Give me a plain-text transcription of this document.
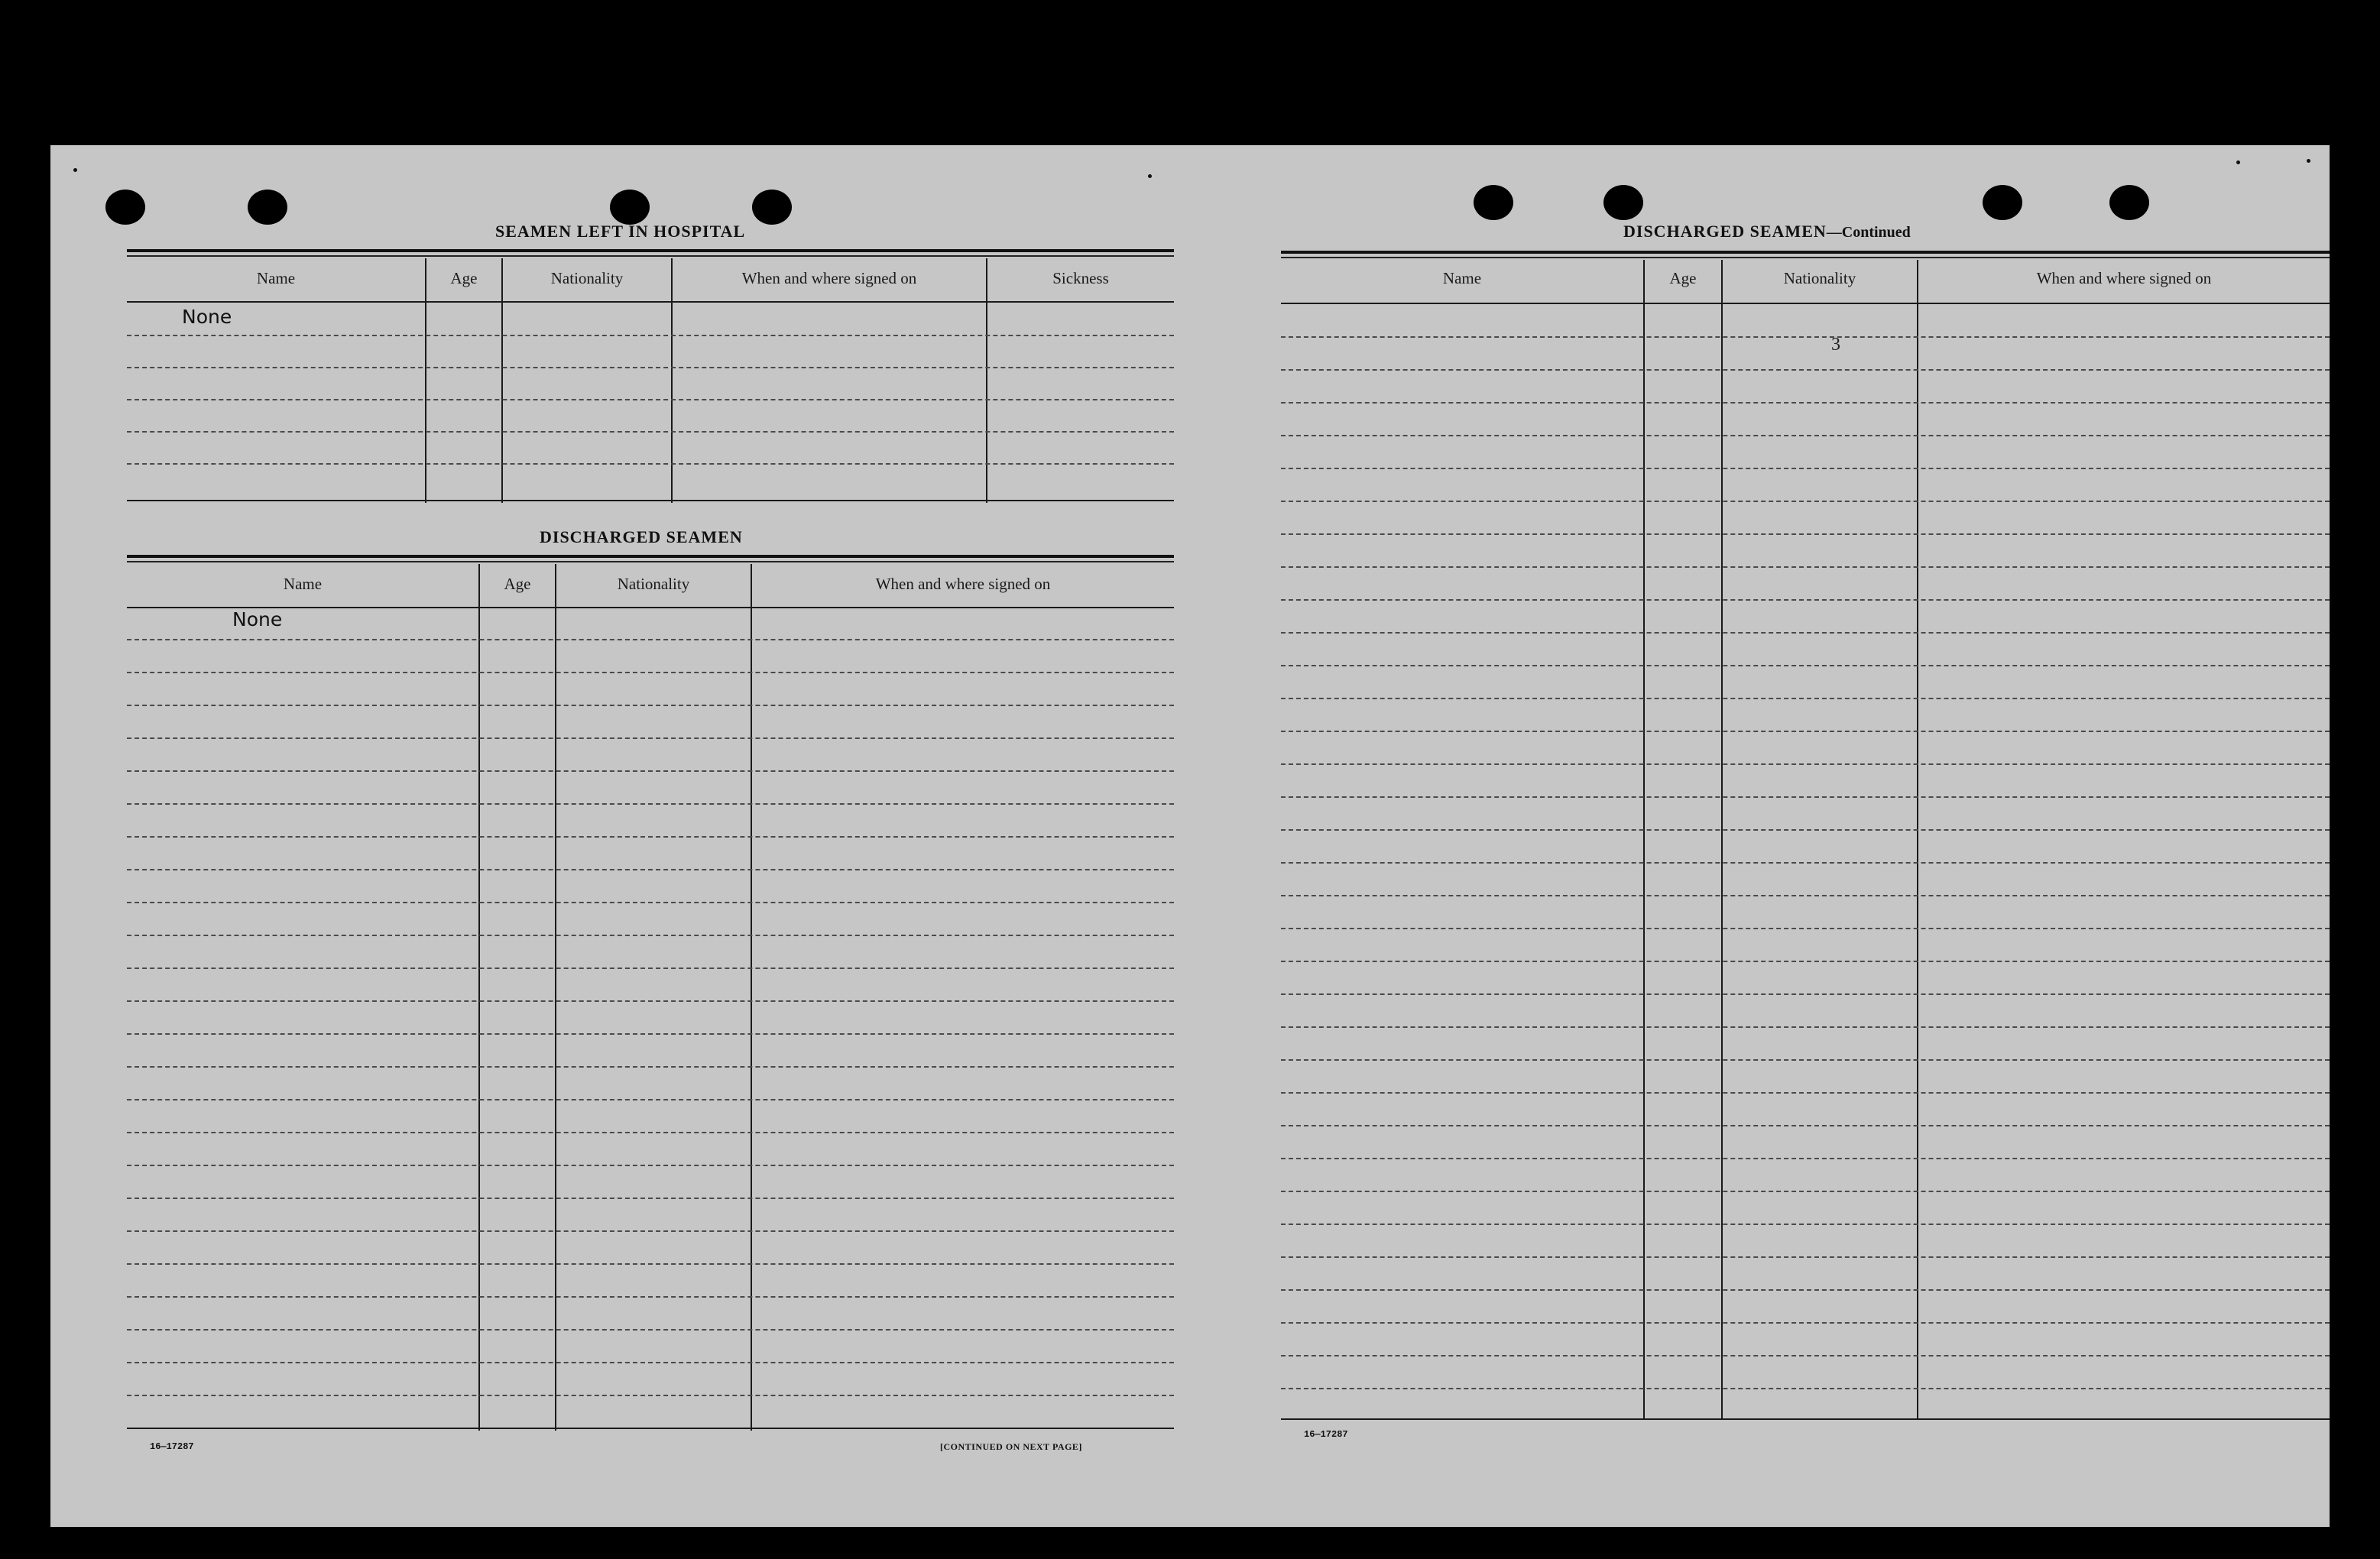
3
SEAMEN LEFT IN HOSPITAL
Name	Age	Nationality	When and where signed on	Sickness
None
DISCHARGED SEAMEN
Name	Age	Nationality	When and where signed on
None
16—17287	[CONTINUED ON NEXT PAGE]
DISCHARGED SEAMEN—Continued
Name	Age	Nationality	When and where signed on
16—17287
